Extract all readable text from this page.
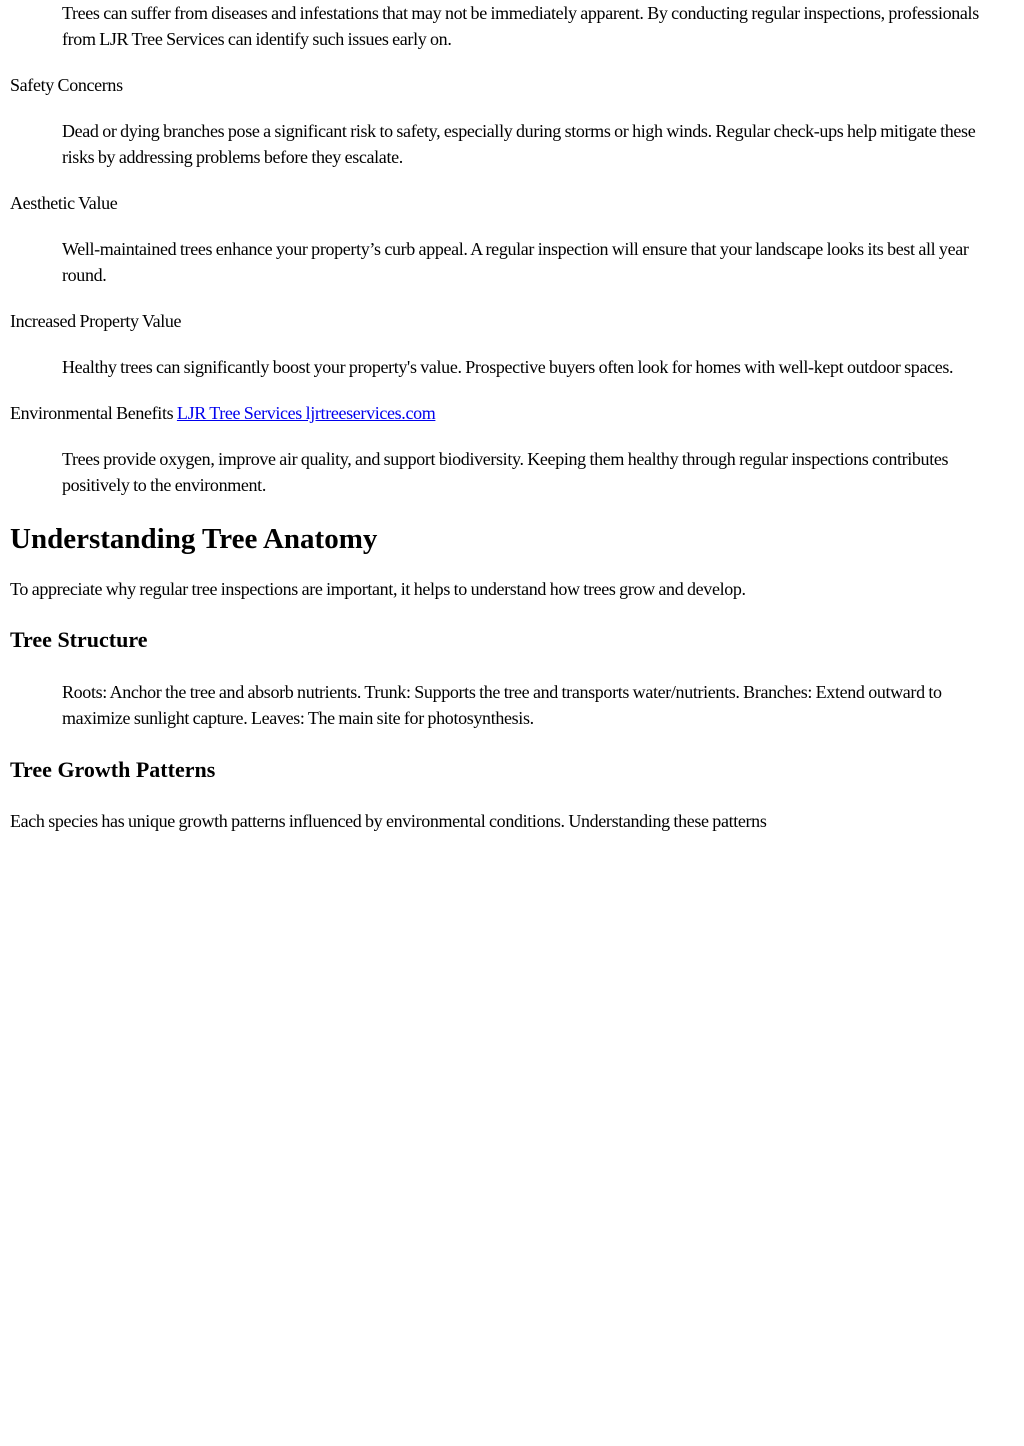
Trees can suffer from diseases and infestations that may not be immediately apparent. By conducting regular inspections, professionals from LJR Tree Services can identify such issues early on.

Safety Concerns

Dead or dying branches pose a significant risk to safety, especially during storms or high winds. Regular check-ups help mitigate these risks by addressing problems before they escalate.

Aesthetic Value

Well-maintained trees enhance your property’s curb appeal. A regular inspection will ensure that your landscape looks its best all year round.

Increased Property Value

Healthy trees can significantly boost your property's value. Prospective buyers often look for homes with well-kept outdoor spaces.

Environmental Benefits LJR Tree Services ljrtreeservices.com

Trees provide oxygen, improve air quality, and support biodiversity. Keeping them healthy through regular inspections contributes positively to the environment.

Understanding Tree Anatomy

To appreciate why regular tree inspections are important, it helps to understand how trees grow and develop.

Tree Structure

Roots: Anchor the tree and absorb nutrients. Trunk: Supports the tree and transports water/nutrients. Branches: Extend outward to maximize sunlight capture. Leaves: The main site for photosynthesis.

Tree Growth Patterns

Each species has unique growth patterns influenced by environmental conditions. Understanding these patterns
